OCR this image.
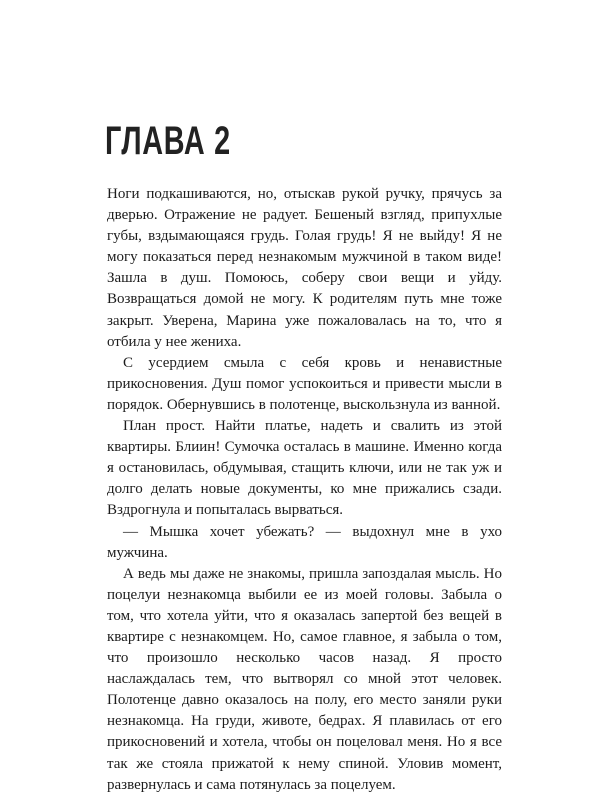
ГЛАВА 2

Ноги подкашиваются, но, отыскав рукой ручку, прячусь за дверью. Отражение не радует. Бешеный взгляд, припухлые губы, вздымающаяся грудь. Голая грудь! Я не выйду! Я не могу показаться перед незнакомым мужчиной в таком виде! Зашла в душ. Помоюсь, соберу свои вещи и уйду. Возвращаться домой не могу. К родителям путь мне тоже закрыт. Уверена, Марина уже пожаловалась на то, что я отбила у нее жениха.

С усердием смыла с себя кровь и ненавистные прикосновения. Душ помог успокоиться и привести мысли в порядок. Обернувшись в полотенце, выскользнула из ванной.

План прост. Найти платье, надеть и свалить из этой квартиры. Блиин! Сумочка осталась в машине. Именно когда я остановилась, обдумывая, стащить ключи, или не так уж и долго делать новые документы, ко мне прижались сзади. Вздрогнула и попыталась вырваться.

— Мышка хочет убежать? — выдохнул мне в ухо мужчина.

А ведь мы даже не знакомы, пришла запоздалая мысль. Но поцелуи незнакомца выбили ее из моей головы. Забыла о том, что хотела уйти, что я оказалась запертой без вещей в квартире с незнакомцем. Но, самое главное, я забыла о том, что произошло несколько часов назад. Я просто наслаждалась тем, что вытворял со мной этот человек. Полотенце давно оказалось на полу, его место заняли руки незнакомца. На груди, животе, бедрах. Я плавилась от его прикосновений и хотела, чтобы он поцеловал меня. Но я все так же стояла прижатой к нему спиной. Уловив момент, развернулась и сама потянулась за поцелуем.
